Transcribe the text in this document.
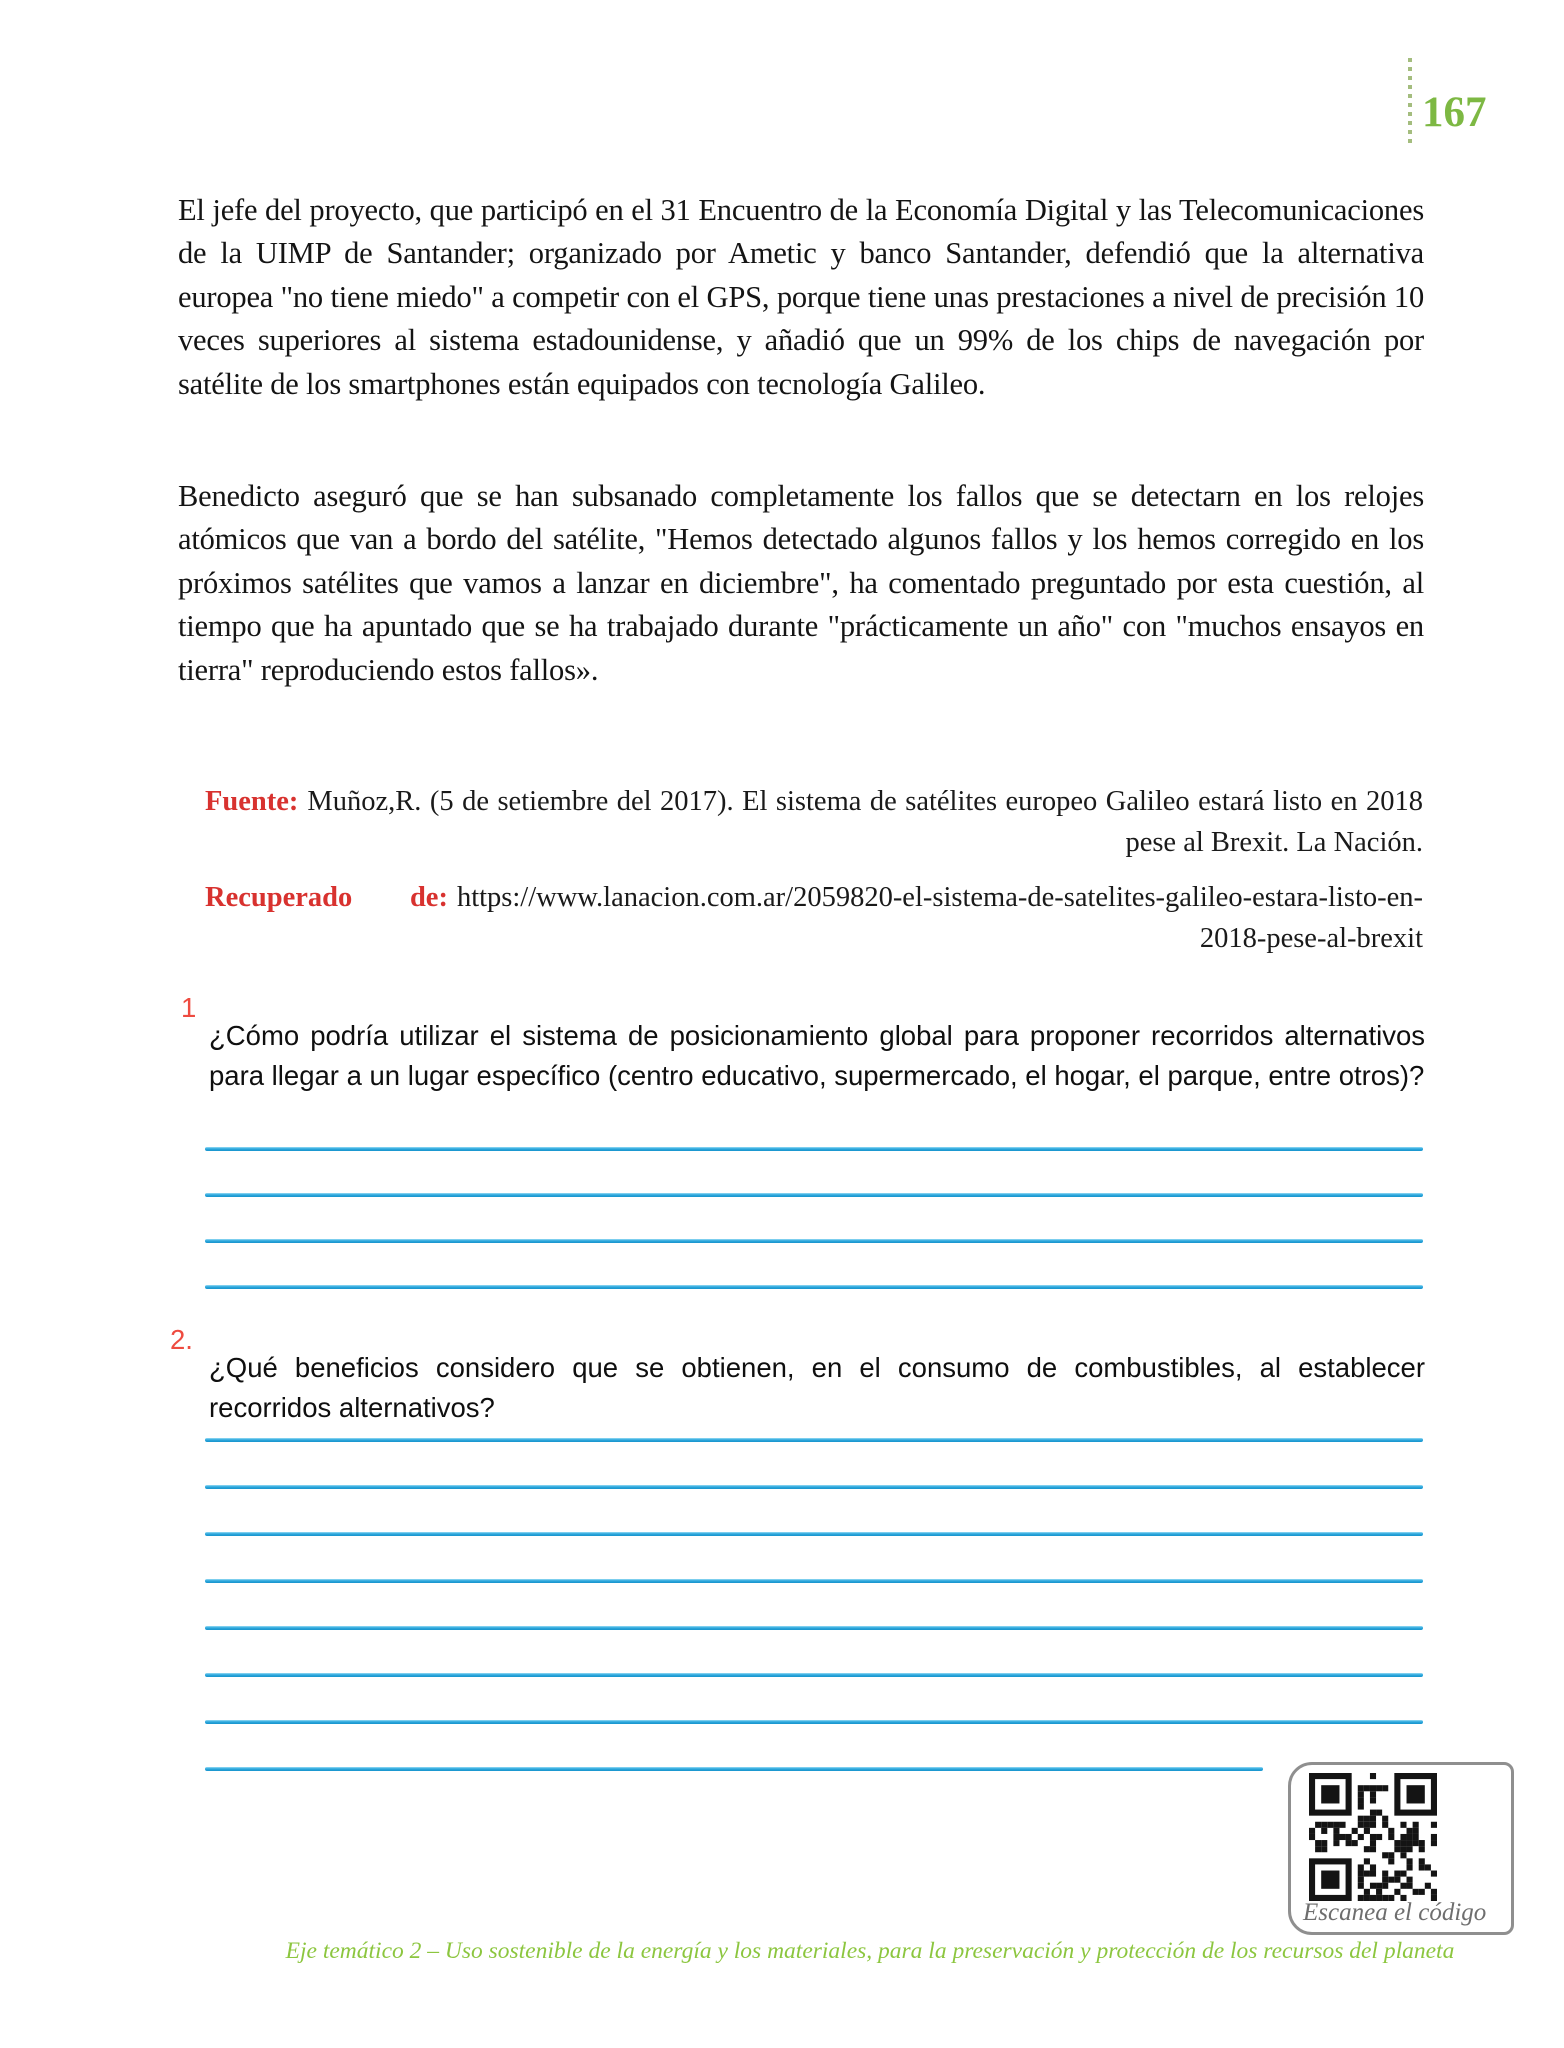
167

El jefe del proyecto, que participó en el 31 Encuentro de la Economía Digital y las Telecomunicaciones de la UIMP de Santander; organizado por Ametic y banco Santander, defendió que la alternativa europea "no tiene miedo" a competir con el GPS, porque tiene unas prestaciones a nivel de precisión 10 veces superiores al sistema estadounidense, y añadió que un 99% de los chips de navegación por satélite de los smartphones están equipados con tecnología Galileo.

Benedicto aseguró que se han subsanado completamente los fallos que se detectarn en los relojes atómicos que van a bordo del satélite, "Hemos detectado algunos fallos y los hemos corregido en los próximos satélites que vamos a lanzar en diciembre", ha comentado preguntado por esta cuestión, al tiempo que ha apuntado que se ha trabajado durante "prácticamente un año" con "muchos ensayos en tierra" reproduciendo estos fallos».

Fuente: Muñoz,R. (5 de setiembre del 2017). El sistema de satélites europeo Galileo estará listo en 2018 pese al Brexit. La Nación.

Recuperado de: https://www.lanacion.com.ar/2059820-el-sistema-de-satelites-galileo-estara-listo-en-2018-pese-al-brexit

1

¿Cómo podría utilizar el sistema de posicionamiento global para proponer recorridos alternativos para llegar a un lugar específico (centro educativo, supermercado, el hogar, el parque, entre otros)?

2.

¿Qué beneficios considero que se obtienen, en el consumo de combustibles, al establecer recorridos alternativos?

Escanea el código
Eje temático 2 – Uso sostenible de la energía y los materiales, para la preservación y protección de los recursos del planeta
